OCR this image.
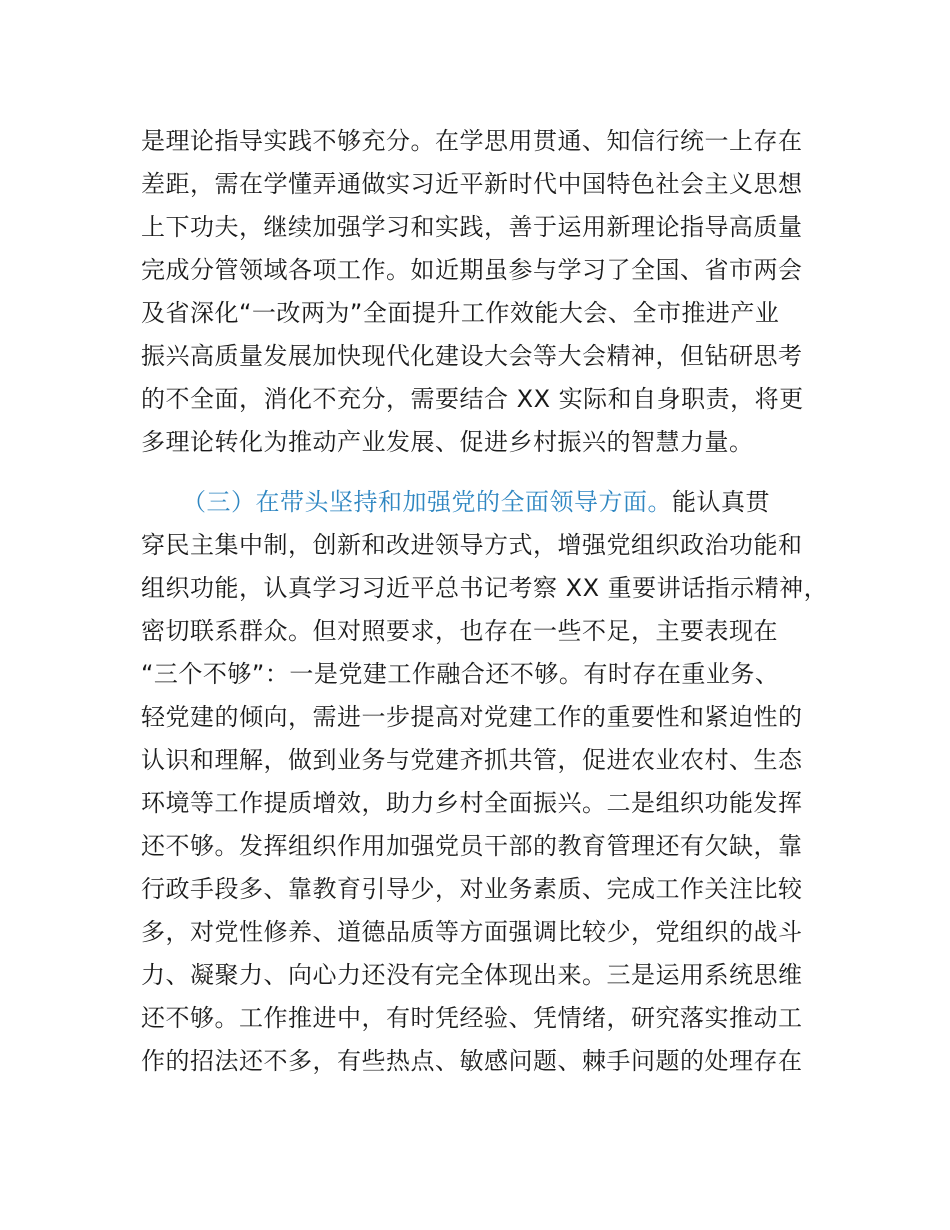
是理论指导实践不够充分。在学思用贯通、知信行统一上存在
差距，需在学懂弄通做实习近平新时代中国特色社会主义思想
上下功夫，继续加强学习和实践，善于运用新理论指导高质量
完成分管领域各项工作。如近期虽参与学习了全国、省市两会
及省深化“一改两为”全面提升工作效能大会、全市推进产业
振兴高质量发展加快现代化建设大会等大会精神，但钻研思考
的不全面，消化不充分，需要结合 XX 实际和自身职责，将更
多理论转化为推动产业发展、促进乡村振兴的智慧力量。
（三）在带头坚持和加强党的全面领导方面。能认真贯
穿民主集中制，创新和改进领导方式，增强党组织政治功能和
组织功能，认真学习习近平总书记考察 XX 重要讲话指示精神，
密切联系群众。但对照要求，也存在一些不足，主要表现在
“三个不够”：一是党建工作融合还不够。有时存在重业务、
轻党建的倾向，需进一步提高对党建工作的重要性和紧迫性的
认识和理解，做到业务与党建齐抓共管，促进农业农村、生态
环境等工作提质增效，助力乡村全面振兴。二是组织功能发挥
还不够。发挥组织作用加强党员干部的教育管理还有欠缺，靠
行政手段多、靠教育引导少，对业务素质、完成工作关注比较
多，对党性修养、道德品质等方面强调比较少，党组织的战斗
力、凝聚力、向心力还没有完全体现出来。三是运用系统思维
还不够。工作推进中，有时凭经验、凭情绪，研究落实推动工
作的招法还不多，有些热点、敏感问题、棘手问题的处理存在
